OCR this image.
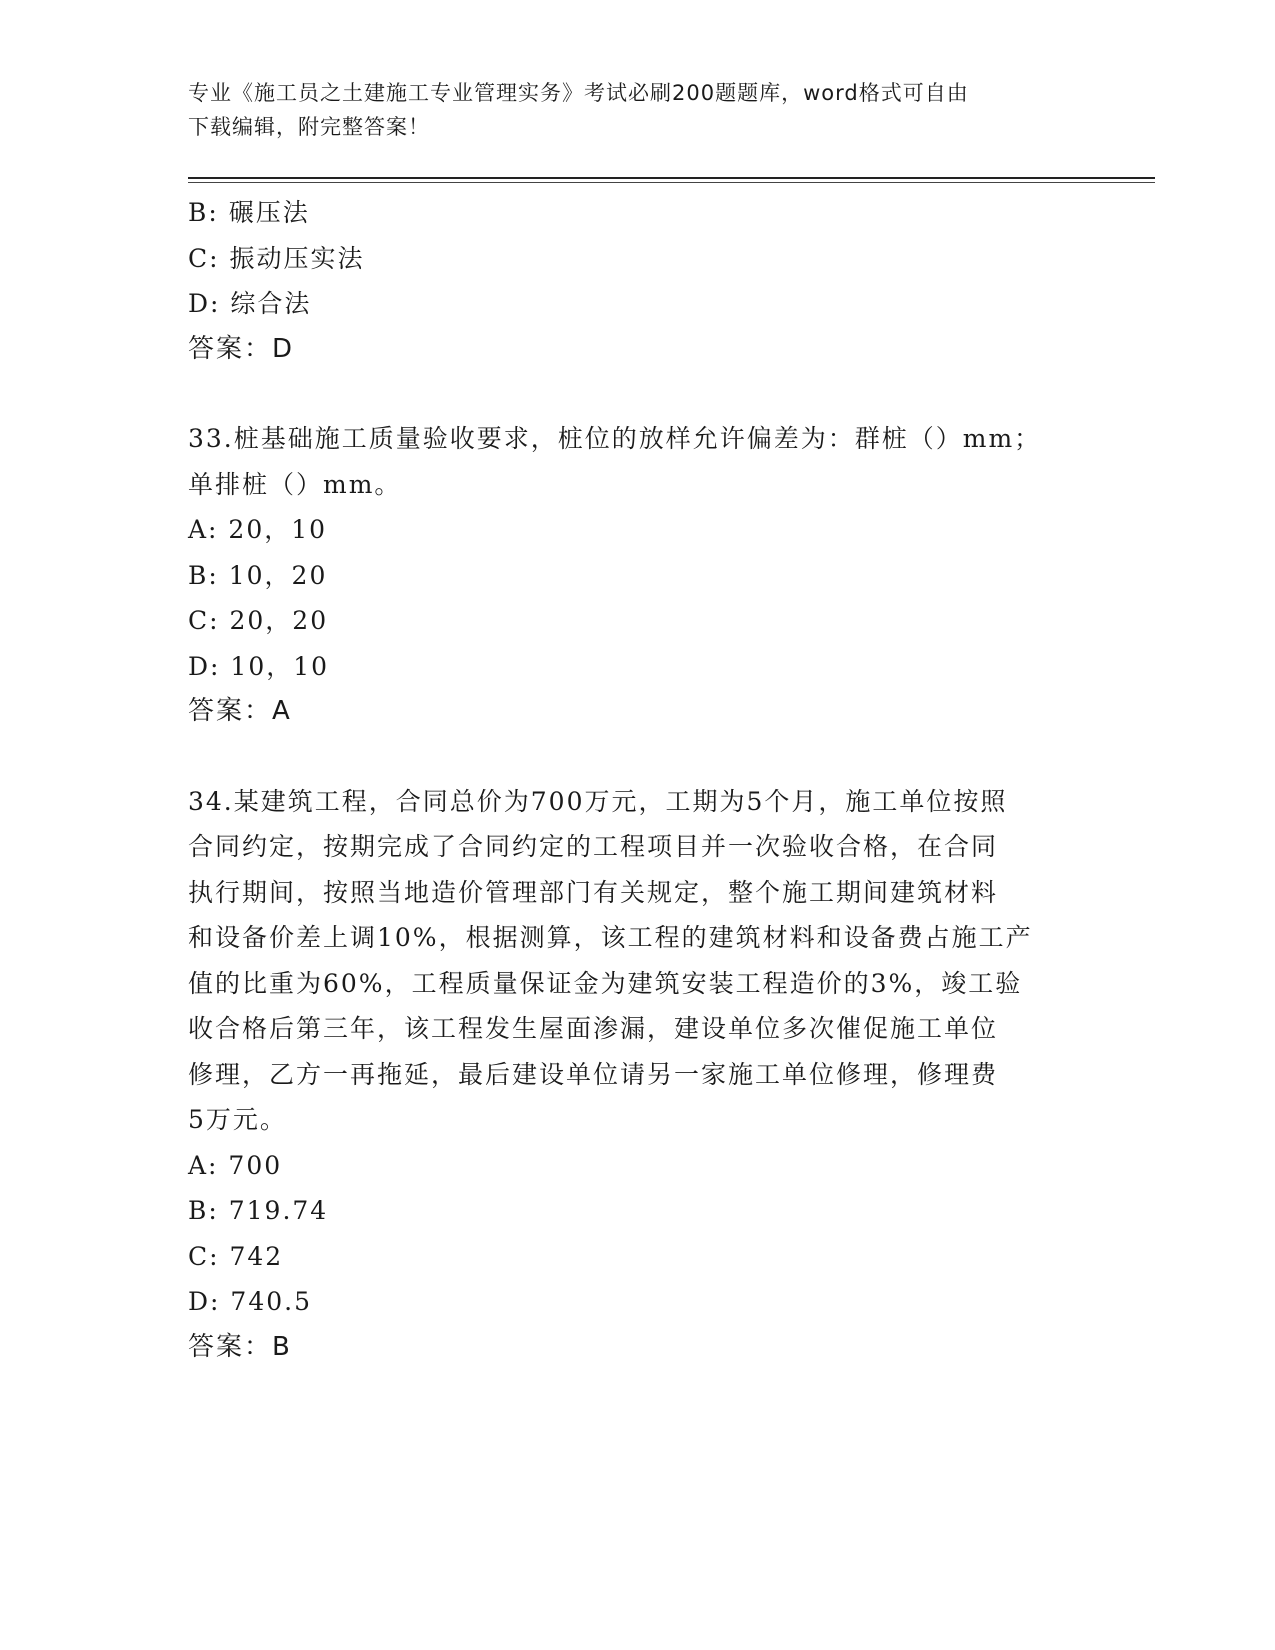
专业《施工员之土建施工专业管理实务》考试必刷200题题库，word格式可自由
下载编辑，附完整答案！
B: 碾压法
C: 振动压实法
D: 综合法
答案：D
33.桩基础施工质量验收要求，桩位的放样允许偏差为：群桩（）mm；
单排桩（）mm。
A: 20，10
B: 10，20
C: 20，20
D: 10，10
答案：A
34.某建筑工程，合同总价为700万元，工期为5个月，施工单位按照
合同约定，按期完成了合同约定的工程项目并一次验收合格，在合同
执行期间，按照当地造价管理部门有关规定，整个施工期间建筑材料
和设备价差上调10%，根据测算，该工程的建筑材料和设备费占施工产
值的比重为60%，工程质量保证金为建筑安装工程造价的3%，竣工验
收合格后第三年，该工程发生屋面渗漏，建设单位多次催促施工单位
修理，乙方一再拖延，最后建设单位请另一家施工单位修理，修理费
5万元。
A: 700
B: 719.74
C: 742
D: 740.5
答案：B
